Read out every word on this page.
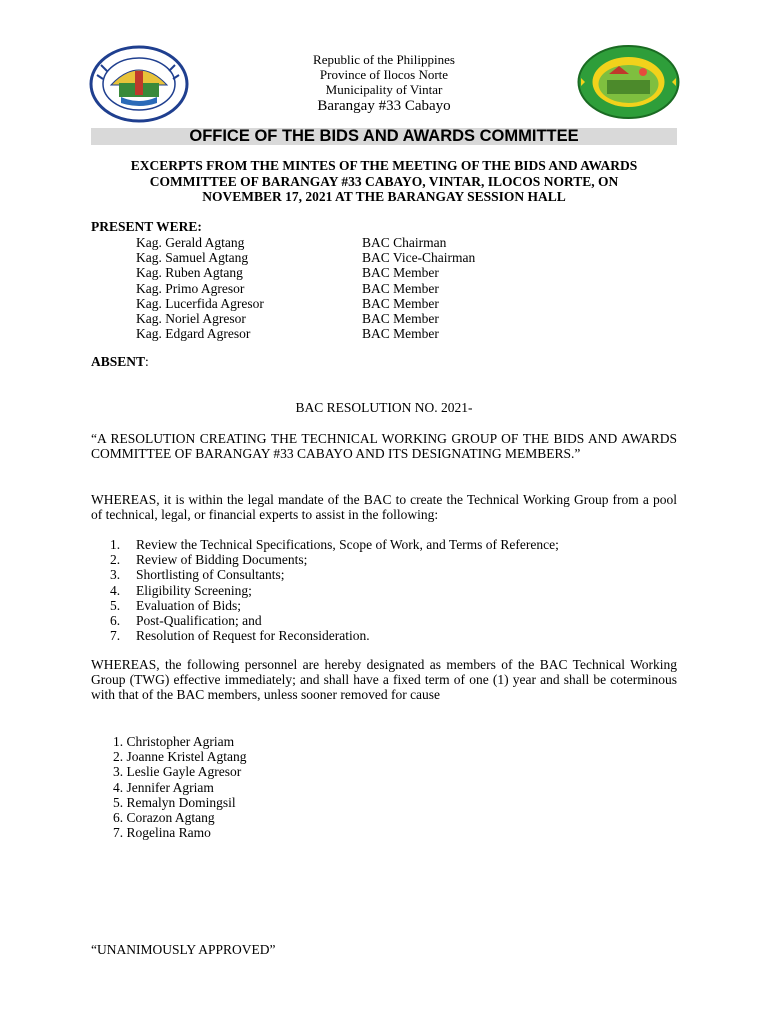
Republic of the Philippines
Province of Ilocos Norte
Municipality of Vintar
Barangay #33 Cabayo
OFFICE OF THE BIDS AND AWARDS COMMITTEE
EXCERPTS FROM THE MINTES OF THE MEETING OF THE BIDS AND AWARDS
COMMITTEE OF BARANGAY #33 CABAYO, VINTAR, ILOCOS NORTE, ON
NOVEMBER 17, 2021 AT THE BARANGAY SESSION HALL
PRESENT WERE:
Kag. Gerald Agtang	BAC Chairman
Kag. Samuel Agtang	BAC Vice-Chairman
Kag. Ruben Agtang	BAC Member
Kag. Primo Agresor	BAC Member
Kag. Lucerfida Agresor	BAC Member
Kag. Noriel Agresor	BAC Member
Kag. Edgard Agresor	BAC Member
ABSENT:
BAC RESOLUTION NO. 2021-
“A RESOLUTION CREATING THE TECHNICAL WORKING GROUP OF THE BIDS AND AWARDS COMMITTEE OF BARANGAY #33 CABAYO AND ITS DESIGNATING MEMBERS.”
WHEREAS, it is within the legal mandate of the BAC to create the Technical Working Group from a pool of technical, legal, or financial experts to assist in the following:
1.	Review the Technical Specifications, Scope of Work, and Terms of Reference;
2.	Review of Bidding Documents;
3.	Shortlisting of Consultants;
4.	Eligibility Screening;
5.	Evaluation of Bids;
6.	Post-Qualification; and
7.	Resolution of Request for Reconsideration.
WHEREAS, the following personnel are hereby designated as members of the BAC Technical Working Group (TWG) effective immediately; and shall have a fixed term of one (1) year and shall be coterminous with that of the BAC members, unless sooner removed for cause
1. Christopher Agriam
2. Joanne Kristel Agtang
3. Leslie Gayle Agresor
4. Jennifer Agriam
5. Remalyn Domingsil
6. Corazon Agtang
7. Rogelina Ramo
“UNANIMOUSLY APPROVED”
